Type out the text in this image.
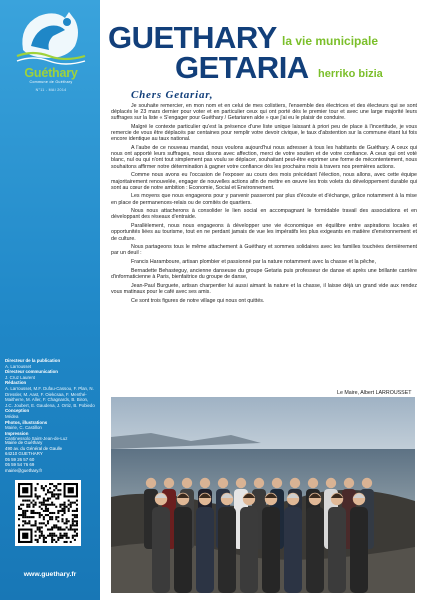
Guéthary
Commune de Guéthary
N°11 - MAI 2014
Directeur de la publication
A. Larrousset
Directeur communication
J. Cruz Laurent
Rédaction
A. Larrousset, M.F. Dufau-Cassou, F. Plan, N. Dressler, M. Aast, F. Oiekcsaa, F. Menthé-Maitherre, M. Aller, F. Chagnards, B. Biron, J.C. Joubert, E. Gaudena, J. Ortiz, B. Pobiedo
Conception
Médea
Photos, illustrations
Mairie, C. Castillon
Impression
Cantinessolo Saint-Jean-de-Luz
Mairie de Guéthary
490 av. du Général de Gaulle
64210 GUETHARY
05 59 26 57 60
05 59 54 76 69
mairie@guethary.fr
www.guethary.fr
GUETHARY la vie municipale
GETARIA herriko bizia
Chers Getariar,

Je souhaite remercier, en mon nom et en celui de mes colistiers, l'ensemble des électrices et des électeurs qui se sont déplacés le 23 mars dernier pour voter et en particulier ceux qui ont porté dès le premier tour et avec une large majorité leurs suffrages sur la liste « S'engager pour Guéthary / Getariaren alde » que j'ai eu le plaisir de conduire.

Malgré le contexte particulier qu'est la présence d'une liste unique laissant à priori peu de place à l'incertitude, je vous remercie de vous être déplacés par centaines pour remplir votre devoir civique, le taux d'abstention sur la commune étant lui fois encore identique au taux national.

A l'aube de ce nouveau mandat, nous voulons aujourd'hui nous adresser à tous les habitants de Guéthary. A ceux qui nous ont apporté leurs suffrages, nous disons avec affection, merci de votre soutien et de votre confiance. A ceux qui ont voté blanc, nul ou qui n'ont tout simplement pas voulu se déplacer, souhaitant peut-être exprimer une forme de mécontentement, nous souhaitons affirmer notre détermination à gagner votre confiance dès les prochains mois à travers nos premières actions.

Comme nous avons eu l'occasion de l'exposer au cours des mois précédant l'élection, nous allons, avec cette équipe majoritairement renouvelée, engager de nouvelles actions afin de mettre en œuvre les trois volets du développement durable qui sont au cœur de notre ambition : Economie, Social et Environnement.

Les moyens que nous engageons pour y parvenir passeront par plus d'écoute et d'échange, grâce notamment à la mise en place de permanences-relais ou de comités de quartiers.

Nous nous attacherons à consolider le lien social en accompagnant le formidable travail des associations et en développant des réseaux d'entraide.

Parallèlement, nous nous engageons à développer une vie économique en équilibre entre aspirations locales et opportunités liées au tourisme, tout en ne perdant jamais de vue les impératifs les plus exigeants en matière d'environnement et de culture.

Nous partageons tous le même attachement à Guéthary et sommes solidaires avec les familles touchées dernièrement par un deuil :

Francis Harambourе, artisan plombier et passionné par la nature notamment avec la chasse et la pêche,

Bernadette Behasteguy, ancienne danseuse du groupe Getaria puis professeur de danse et après une brillante carrière d'informaticienne à Paris, bienfaitrice du groupe de danse,

Jean-Paul Burguete, artisan charpentier lui aussi aimant la nature et la chasse, il laisse déjà un grand vide aux rendez vous matinaux pour le café avec ses amis.

Ce sont trois figures de notre village qui nous ont quittés.

Le Maire, Albert LARROUSSET
